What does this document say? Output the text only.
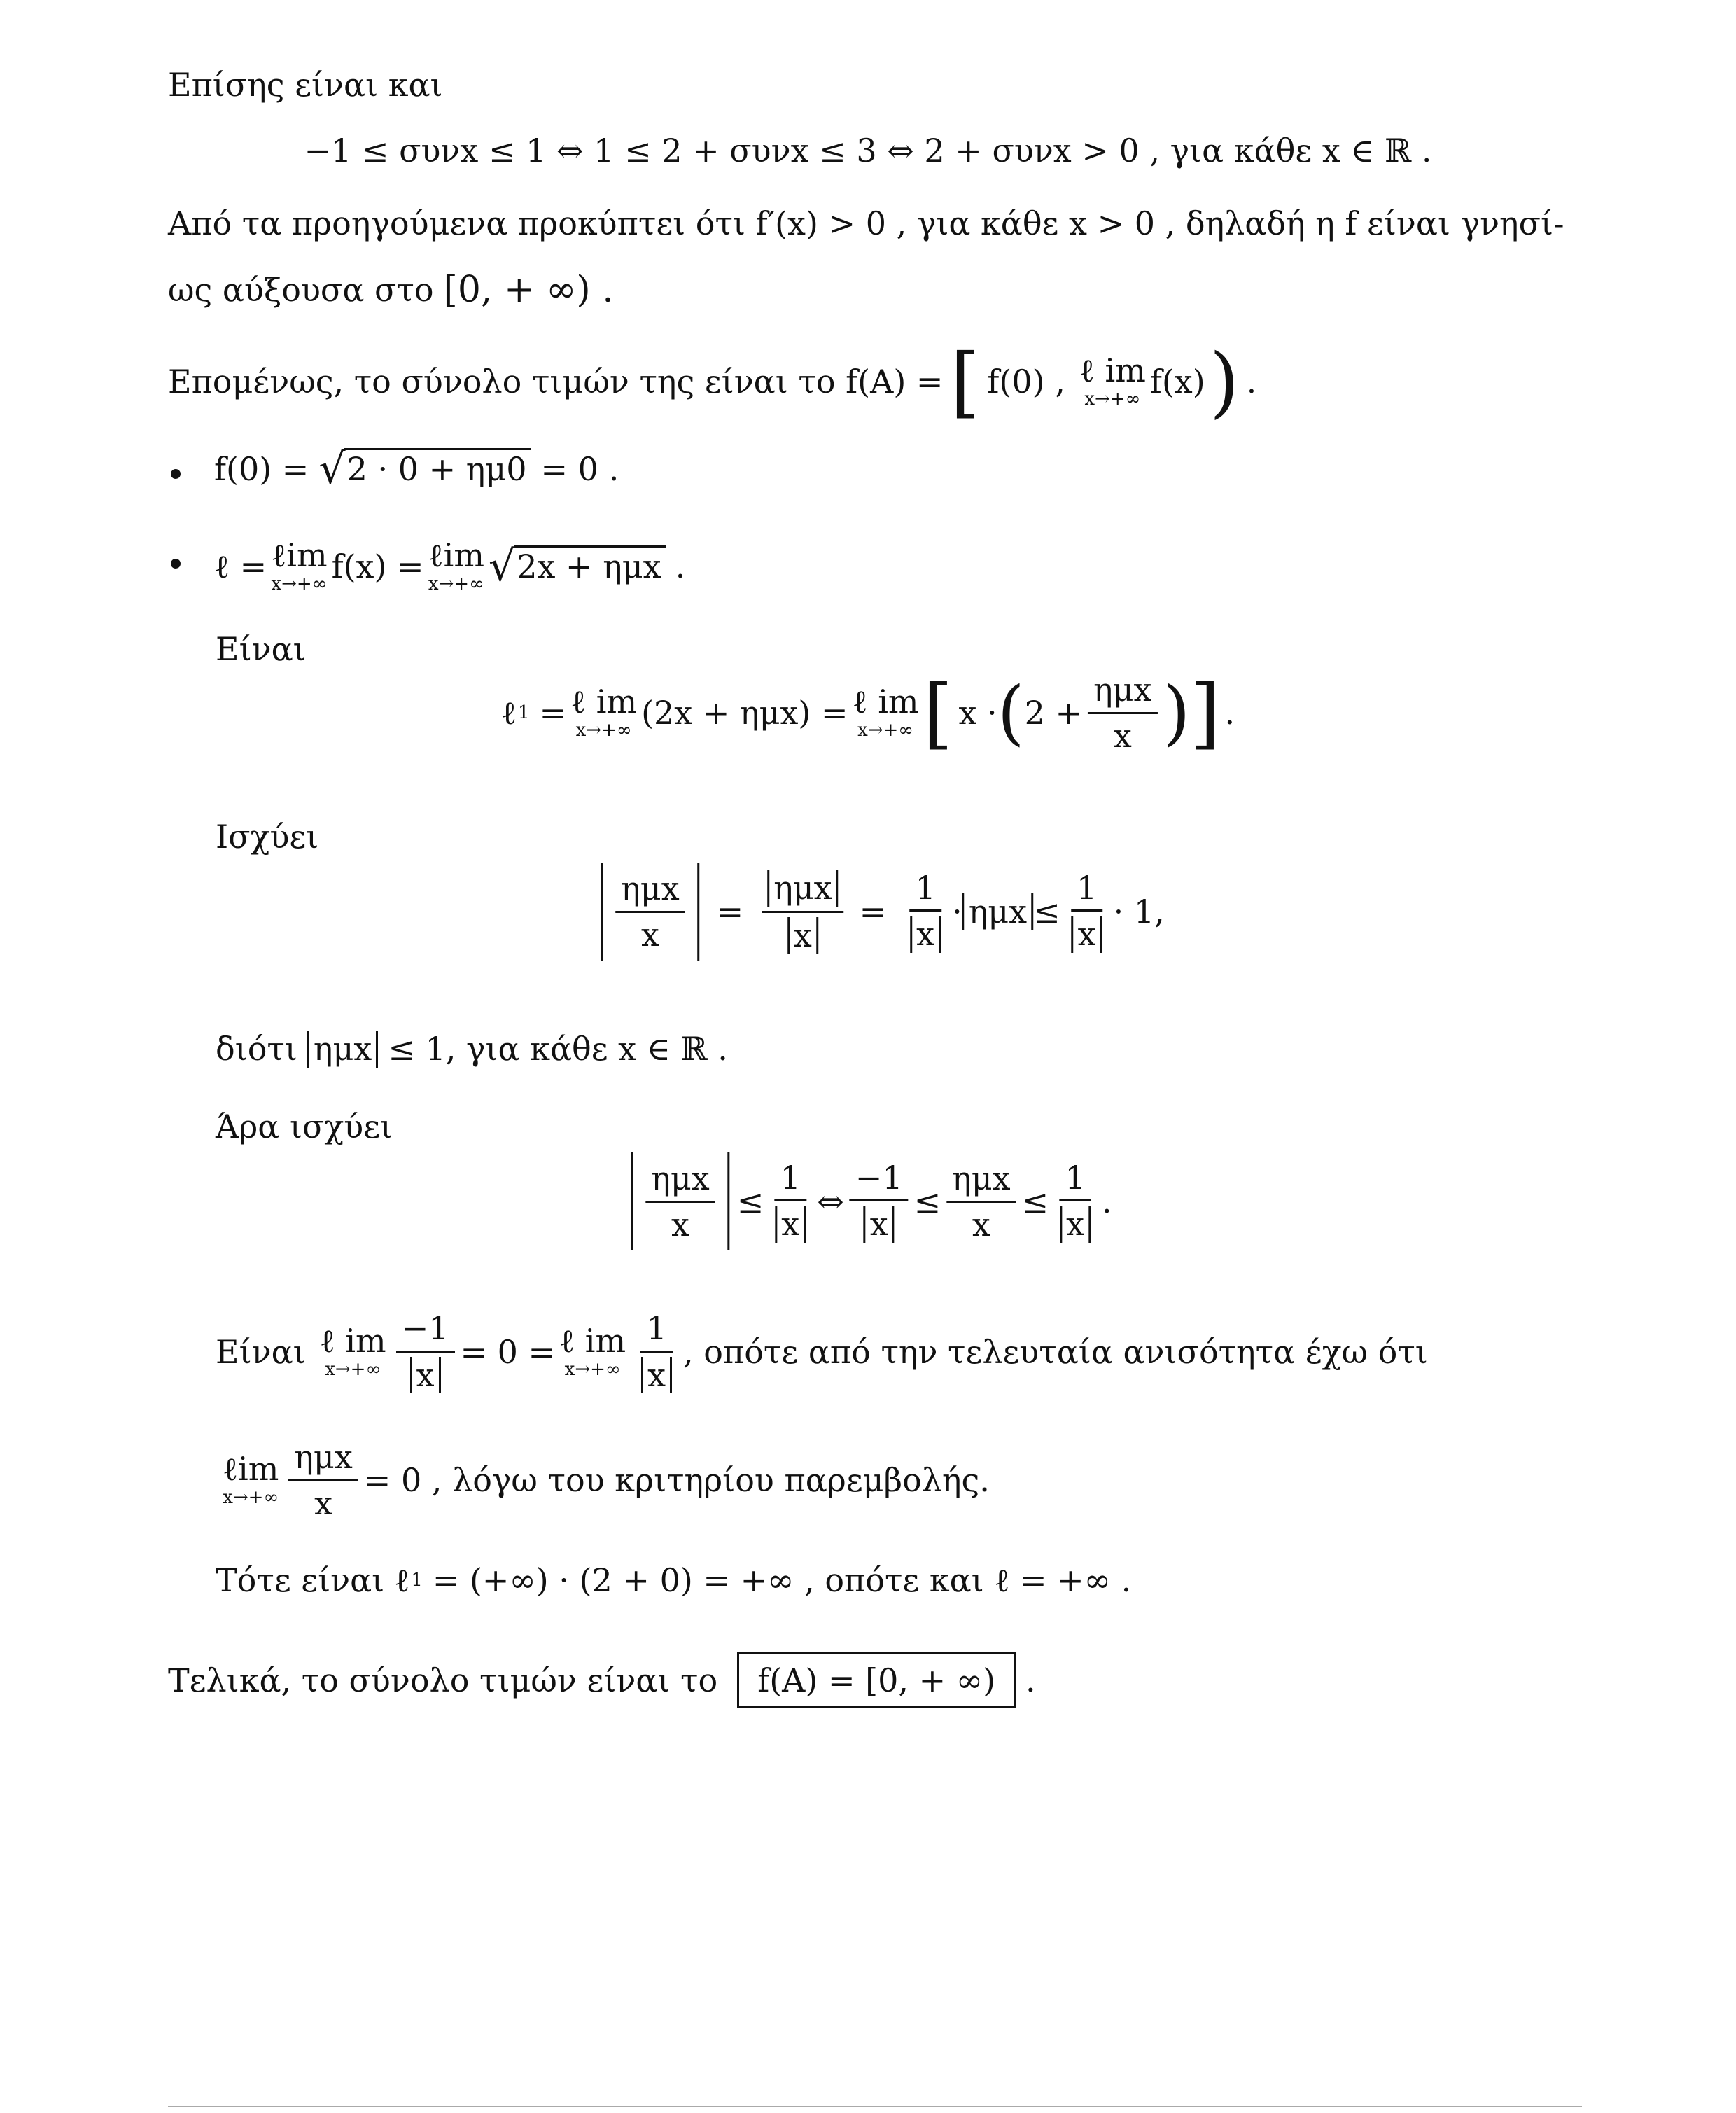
Επίσης είναι και
−1 ≤ συνx ≤ 1 ⇔ 1 ≤ 2 + συνx ≤ 3 ⇔ 2 + συνx > 0 , για κάθε x ∈ ℝ .
Από τα προηγούμενα προκύπτει ότι f′(x) > 0 , για κάθε x > 0 , δηλαδή η f είναι γνησί-
ως αύξουσα στο [0, + ∞) .
Επομένως, το σύνολο τιμών της είναι το f(A) = [ f(0) , ℓ im
x→+∞ f(x) ) .
f(0) = √ 2 · 0 + ημ0 = 0 .
ℓ = ℓim
x→+∞ f(x) = ℓim
x→+∞ √ 2x + ημx .
Είναι
ℓ 1 = ℓ im
x→+∞ (2x + ημx) = ℓ im
x→+∞ [ x · ( $2 + \frac{\text{ημx}}{x}$ ) ] .
Ισχύει
$\frac{\text{ημx}}{x} = \frac{\text{ημx}}{x} = \frac{1}{x} \cdot \eta\mu x \le \frac{1}{x} \cdot 1$,
διότι ημx ≤ 1, για κάθε x ∈ ℝ .
Άρα ισχύει
$\frac{\text{ημx}}{x} \le \frac{1}{x}$ ⇔ $\frac{-1}{x} \le \frac{\text{ημx}}{x} \le \frac{1}{x}$ .
Είναι ℓ im
$x\to+\infty \frac{-1}{x} = 0$ = ℓ im
$x\to+\infty \frac{1}{x}$ , οπότε από την τελευταία ανισότητα έχω ότι
ℓim
$x\to+\infty \frac{\text{ημx}}{x} = 0$ , λόγω του κριτηρίου παρεμβολής.
Τότε είναι ℓ 1 = (+∞) · (2 + 0) = +∞ , οπότε και ℓ = +∞ .
Τελικά, το σύνολο τιμών είναι το f(A) = [0, + ∞) .
